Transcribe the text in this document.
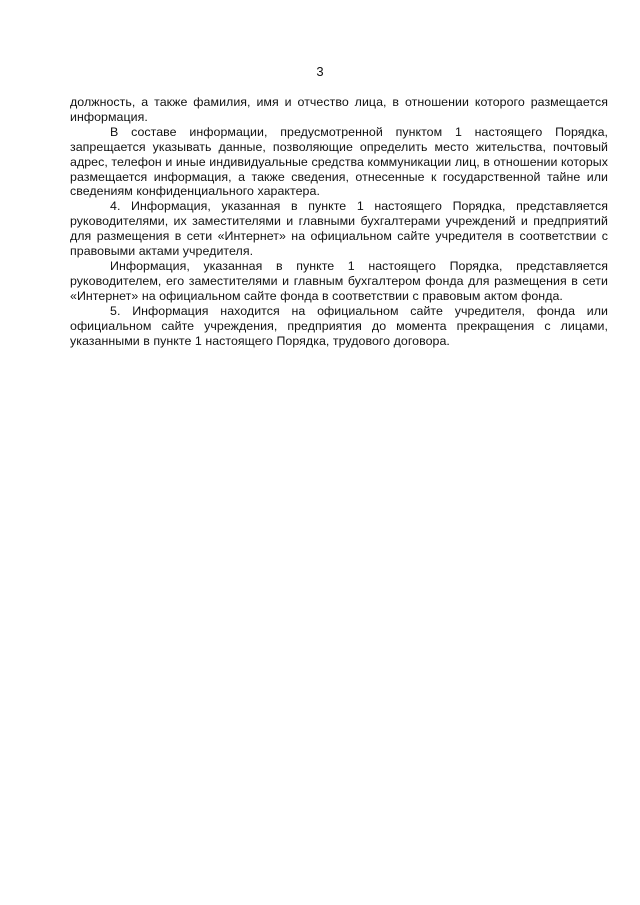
3

должность, а также фамилия, имя и отчество лица, в отношении которого размещается информация.

В составе информации, предусмотренной пунктом 1 настоящего Порядка, запрещается указывать данные, позволяющие определить место жительства, почтовый адрес, телефон и иные индивидуальные средства коммуникации лиц, в отношении которых размещается информация, а также сведения, отнесенные к государственной тайне или сведениям конфиденциального характера.

4. Информация, указанная в пункте 1 настоящего Порядка, представляется руководителями, их заместителями и главными бухгалтерами учреждений и предприятий для размещения в сети «Интернет» на официальном сайте учредителя в соответствии с правовыми актами учредителя.

Информация, указанная в пункте 1 настоящего Порядка, представляется руководителем, его заместителями и главным бухгалтером фонда для размещения в сети «Интернет» на официальном сайте фонда в соответствии с правовым актом фонда.

5. Информация находится на официальном сайте учредителя, фонда или официальном сайте учреждения, предприятия до момента прекращения с лицами, указанными в пункте 1 настоящего Порядка, трудового договора.
